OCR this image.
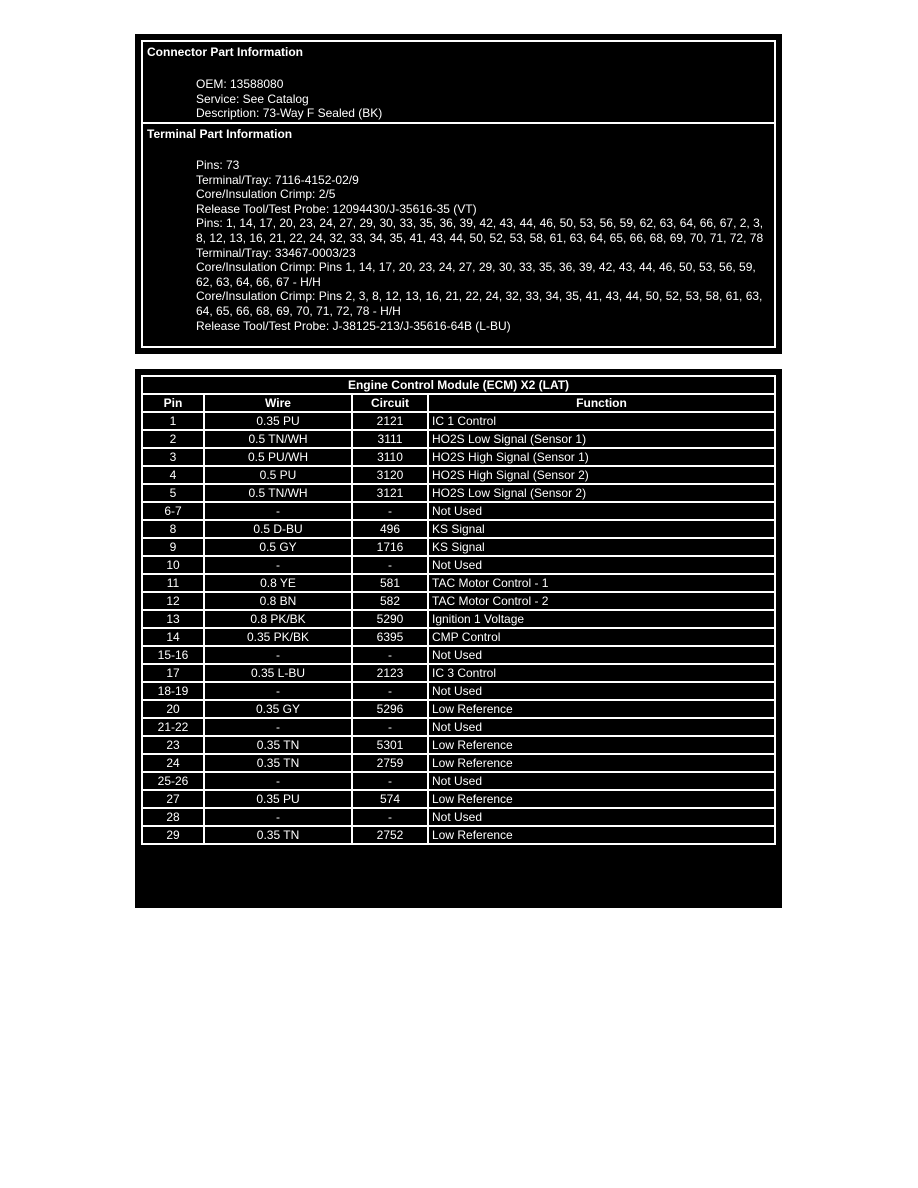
Connector Part Information
OEM: 13588080
Service: See Catalog
Description: 73-Way F Sealed (BK)
Terminal Part Information
Pins: 73
Terminal/Tray: 7116-4152-02/9
Core/Insulation Crimp: 2/5
Release Tool/Test Probe: 12094430/J-35616-35 (VT)
Pins: 1, 14, 17, 20, 23, 24, 27, 29, 30, 33, 35, 36, 39, 42, 43, 44, 46, 50, 53, 56, 59, 62, 63, 64, 66, 67, 2, 3, 8, 12, 13, 16, 21, 22, 24, 32, 33, 34, 35, 41, 43, 44, 50, 52, 53, 58, 61, 63, 64, 65, 66, 68, 69, 70, 71, 72, 78
Terminal/Tray: 33467-0003/23
Core/Insulation Crimp: Pins 1, 14, 17, 20, 23, 24, 27, 29, 30, 33, 35, 36, 39, 42, 43, 44, 46, 50, 53, 56, 59, 62, 63, 64, 66, 67 - H/H
Core/Insulation Crimp: Pins 2, 3, 8, 12, 13, 16, 21, 22, 24, 32, 33, 34, 35, 41, 43, 44, 50, 52, 53, 58, 61, 63, 64, 65, 66, 68, 69, 70, 71, 72, 78 - H/H
Release Tool/Test Probe: J-38125-213/J-35616-64B (L-BU)
Engine Control Module (ECM) X2 (LAT)			
Pin	Wire	Circuit	Function
1	0.35 PU	2121	IC 1 Control
2	0.5 TN/WH	3111	HO2S Low Signal (Sensor 1)
3	0.5 PU/WH	3110	HO2S High Signal (Sensor 1)
4	0.5 PU	3120	HO2S High Signal (Sensor 2)
5	0.5 TN/WH	3121	HO2S Low Signal (Sensor 2)
6-7	-	-	Not Used
8	0.5 D-BU	496	KS Signal
9	0.5 GY	1716	KS Signal
10	-	-	Not Used
11	0.8 YE	581	TAC Motor Control - 1
12	0.8 BN	582	TAC Motor Control - 2
13	0.8 PK/BK	5290	Ignition 1 Voltage
14	0.35 PK/BK	6395	CMP Control
15-16	-	-	Not Used
17	0.35 L-BU	2123	IC 3 Control
18-19	-	-	Not Used
20	0.35 GY	5296	Low Reference
21-22	-	-	Not Used
23	0.35 TN	5301	Low Reference
24	0.35 TN	2759	Low Reference
25-26	-	-	Not Used
27	0.35 PU	574	Low Reference
28	-	-	Not Used
29	0.35 TN	2752	Low Reference
